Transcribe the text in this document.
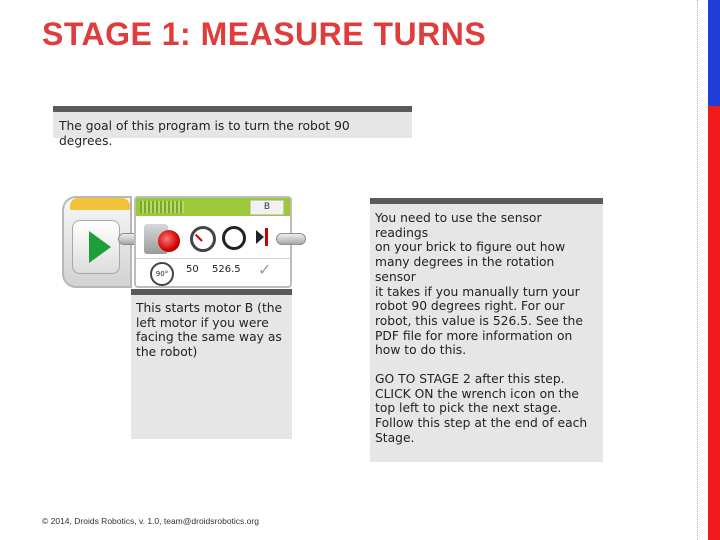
STAGE 1: MEASURE TURNS

The goal of this program is to turn the robot 90 degrees.

B
90°	50 526.5 ✓

This starts motor B (the
left motor if you were
facing the same way as
the robot)

You need to use the sensor readings
on your brick to figure out how
many degrees in the rotation sensor
it takes if you manually turn your
robot 90 degrees right. For our
robot, this value is 526.5. See the
PDF file for more information on
how to do this.

GO TO STAGE 2 after this step.
CLICK ON the wrench icon on the
top left to pick the next stage.
Follow this step at the end of each
Stage.

© 2014, Droids Robotics, v. 1.0, team@droidsrobotics.org
